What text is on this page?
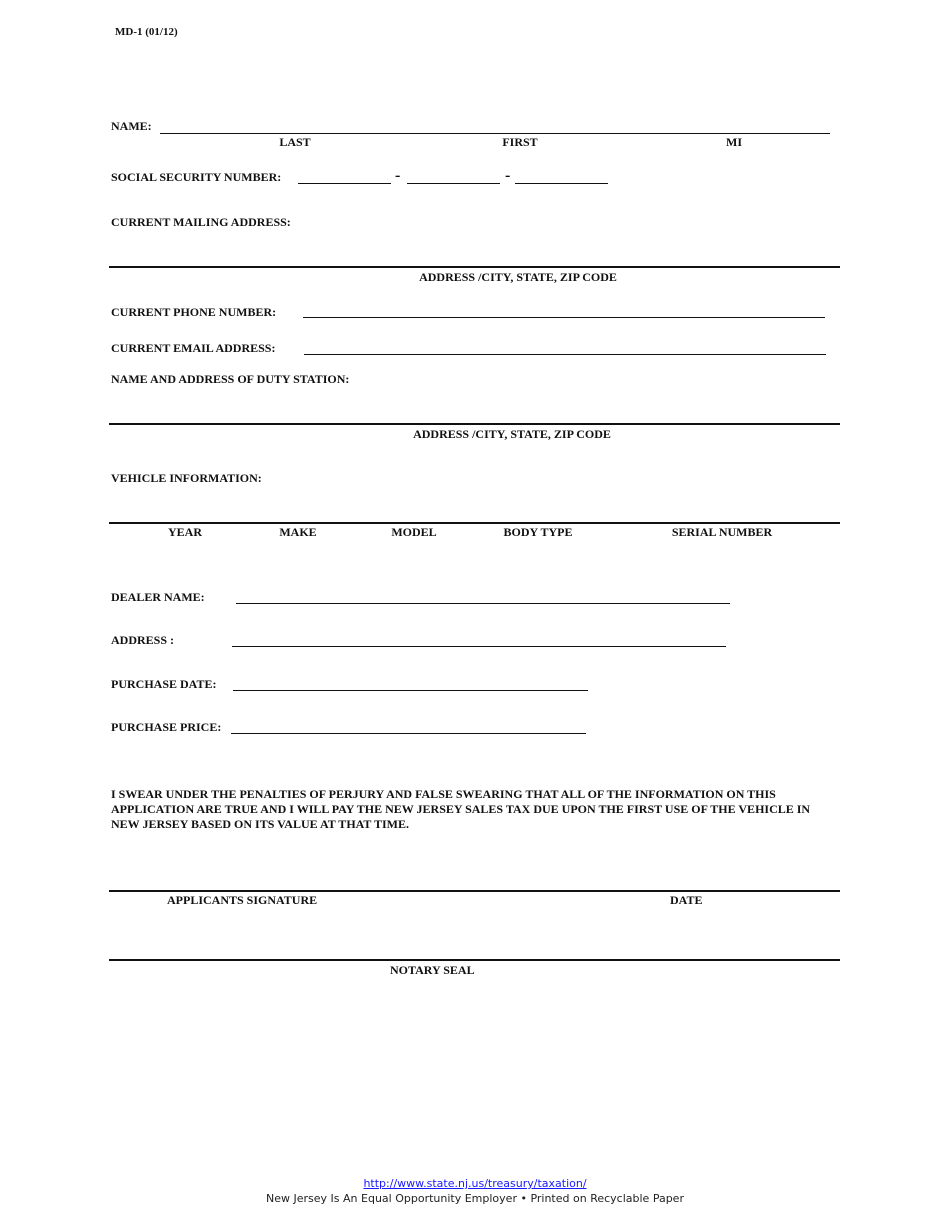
MD-1 (01/12)
NAME:
LAST	FIRST	MI
SOCIAL SECURITY NUMBER:	-	-
CURRENT MAILING ADDRESS:
ADDRESS /CITY, STATE, ZIP CODE
CURRENT PHONE NUMBER:
CURRENT EMAIL ADDRESS:
NAME AND ADDRESS OF DUTY STATION:
ADDRESS /CITY, STATE, ZIP CODE
VEHICLE INFORMATION:
YEAR	MAKE	MODEL	BODY TYPE	SERIAL NUMBER
DEALER NAME:
ADDRESS :
PURCHASE DATE:
PURCHASE PRICE:
I SWEAR UNDER THE PENALTIES OF PERJURY AND FALSE SWEARING THAT ALL OF THE INFORMATION ON THIS APPLICATION ARE TRUE AND I WILL PAY THE NEW JERSEY SALES TAX DUE UPON THE FIRST USE OF THE VEHICLE IN NEW JERSEY BASED ON ITS VALUE AT THAT TIME.
APPLICANTS SIGNATURE	DATE
NOTARY SEAL
http://www.state.nj.us/treasury/taxation/
New Jersey Is An Equal Opportunity Employer • Printed on Recyclable Paper
